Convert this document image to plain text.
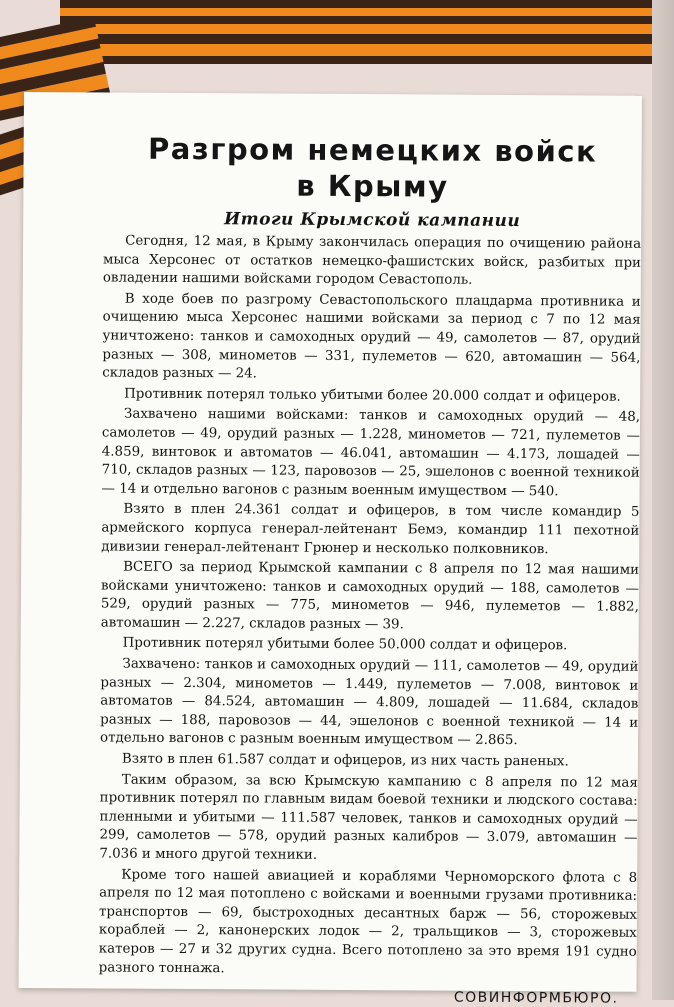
Разгром немецких войск
в Крыму
Итоги Крымской кампании

Сегодня, 12 мая, в Крыму закончилась операция по очищению района мыса Херсонес от остатков немецко-фашистских войск, разбитых при овладении нашими войсками городом Севастополь.

В ходе боев по разгрому Севастопольского плацдарма противника и очищению мыса Херсонес нашими войсками за период с 7 по 12 мая уничтожено: танков и самоходных орудий — 49, самолетов — 87, орудий разных — 308, минометов — 331, пулеметов — 620, автомашин — 564, складов разных — 24.

Противник потерял только убитыми более 20.000 солдат и офицеров.

Захвачено нашими войсками: танков и самоходных орудий — 48, самолетов — 49, орудий разных — 1.228, минометов — 721, пулеметов — 4.859, винтовок и автоматов — 46.041, автомашин — 4.173, лошадей — 710, складов разных — 123, паровозов — 25, эшелонов с военной техникой — 14 и отдельно вагонов с разным военным имуществом — 540.

Взято в плен 24.361 солдат и офицеров, в том числе командир 5 армейского корпуса генерал-лейтенант Бемэ, командир 111 пехотной дивизии генерал-лейтенант Грюнер и несколько полковников.

ВСЕГО за период Крымской кампании с 8 апреля по 12 мая нашими войсками уничтожено: танков и самоходных орудий — 188, самолетов — 529, орудий разных — 775, минометов — 946, пулеметов — 1.882, автомашин — 2.227, складов разных — 39.

Противник потерял убитыми более 50.000 солдат и офицеров.

Захвачено: танков и самоходных орудий — 111, самолетов — 49, орудий разных — 2.304, минометов — 1.449, пулеметов — 7.008, винтовок и автоматов — 84.524, автомашин — 4.809, лошадей — 11.684, складов разных — 188, паровозов — 44, эшелонов с военной техникой — 14 и отдельно вагонов с разным военным имуществом — 2.865.

Взято в плен 61.587 солдат и офицеров, из них часть раненых.

Таким образом, за всю Крымскую кампанию с 8 апреля по 12 мая противник потерял по главным видам боевой техники и людского состава: пленными и убитыми — 111.587 человек, танков и самоходных орудий — 299, самолетов — 578, орудий разных калибров — 3.079, автомашин — 7.036 и много другой техники.

Кроме того нашей авиацией и кораблями Черноморского флота с 8 апреля по 12 мая потоплено с войсками и военными грузами противника: транспортов — 69, быстроходных десантных барж — 56, сторожевых кораблей — 2, канонерских лодок — 2, тральщиков — 3, сторожевых катеров — 27 и 32 других судна. Всего потоплено за это время 191 судно разного тоннажа.

СОВИНФОРМБЮРО.
